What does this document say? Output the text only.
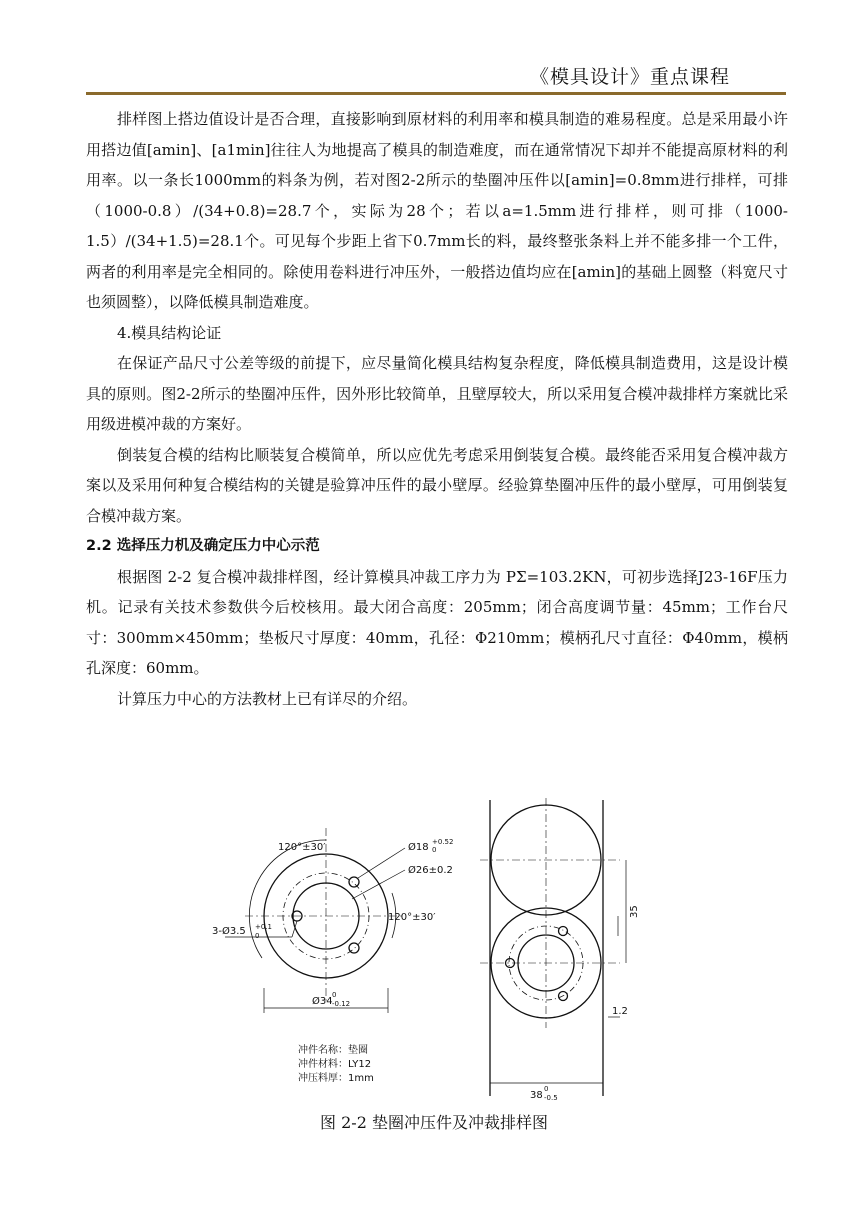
《模具设计》重点课程

排样图上搭边值设计是否合理，直接影响到原材料的利用率和模具制造的难易程度。总是采用最小许用搭边值[amin]、[a1min]往往人为地提高了模具的制造难度，而在通常情况下却并不能提高原材料的利用率。以一条长1000mm的料条为例，若对图2-2所示的垫圈冲压件以[amin]=0.8mm进行排样，可排（1000-0.8）/(34+0.8)=28.7个，实际为28个；若以a=1.5mm进行排样，则可排（1000-1.5）/(34+1.5)=28.1个。可见每个步距上省下0.7mm长的料，最终整张条料上并不能多排一个工件，两者的利用率是完全相同的。除使用卷料进行冲压外，一般搭边值均应在[amin]的基础上圆整（料宽尺寸也须圆整），以降低模具制造难度。

4.模具结构论证

在保证产品尺寸公差等级的前提下，应尽量简化模具结构复杂程度，降低模具制造费用，这是设计模具的原则。图2-2所示的垫圈冲压件，因外形比较简单，且壁厚较大，所以采用复合模冲裁排样方案就比采用级进模冲裁的方案好。

倒装复合模的结构比顺装复合模简单，所以应优先考虑采用倒装复合模。最终能否采用复合模冲裁方案以及采用何种复合模结构的关键是验算冲压件的最小壁厚。经验算垫圈冲压件的最小壁厚，可用倒装复合模冲裁方案。

2.2 选择压力机及确定压力中心示范

根据图 2-2 复合模冲裁排样图，经计算模具冲裁工序力为 PΣ=103.2KN，可初步选择J23-16F压力机。记录有关技术参数供今后校核用。最大闭合高度：205mm；闭合高度调节量：45mm；工作台尺寸：300mm×450mm；垫板尺寸厚度：40mm，孔径：Φ210mm；模柄孔尺寸直径：Φ40mm，模柄孔深度：60mm。

计算压力中心的方法教材上已有详尽的介绍。

120°±30′
120°±30′
Ø18 +0.52
0
Ø26±0.2
3-Ø3.5 +0.1
0
Ø34
0
-0.12
冲件名称：垫圈
冲件材料：LY12
冲压料厚：1mm
35
1.2
38
0
-0.5
图 2-2 垫圈冲压件及冲裁排样图
